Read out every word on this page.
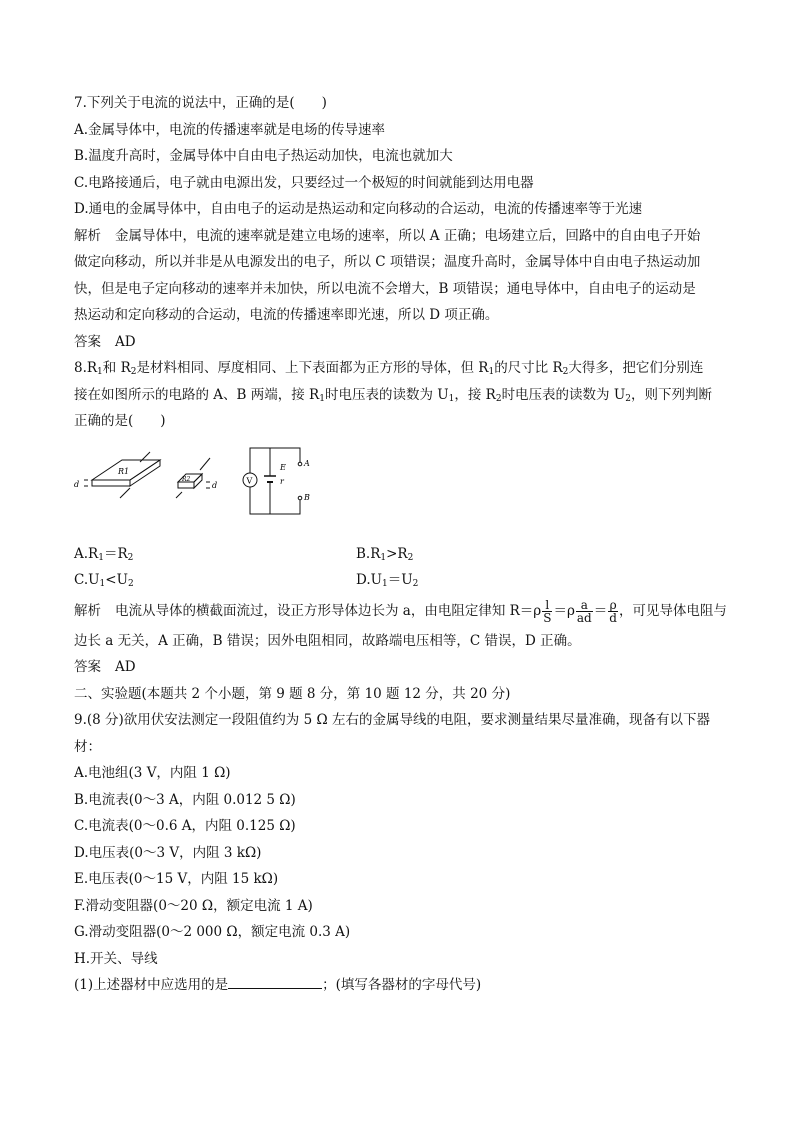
7.下列关于电流的说法中，正确的是(　　)
A.金属导体中，电流的传播速率就是电场的传导速率
B.温度升高时，金属导体中自由电子热运动加快，电流也就加大
C.电路接通后，电子就由电源出发，只要经过一个极短的时间就能到达用电器
D.通电的金属导体中，自由电子的运动是热运动和定向移动的合运动，电流的传播速率等于光速
解析 金属导体中，电流的速率就是建立电场的速率，所以 A 正确；电场建立后，回路中的自由电子开始
做定向移动，所以并非是从电源发出的电子，所以 C 项错误；温度升高时，金属导体中自由电子热运动加
快，但是电子定向移动的速率并未加快，所以电流不会增大，B 项错误；通电导体中，自由电子的运动是
热运动和定向移动的合运动，电流的传播速率即光速，所以 D 项正确。
答案 AD
$8.R_1$和 $R_2$是材料相同、厚度相同、上下表面都为正方形的导体，但 $R_1$的尺寸比 $R_2$大得多，把它们分别连
接在如图所示的电路的 A、B 两端，接 $R_1$时电压表的读数为 $U_1$，接 $R_2$时电压表的读数为 $U_2$，则下列判断
正确的是(　　)
$A.R_1=R_2$	$B.R_1>R_2$
$C.U_1<U_2$	$D.U_1=U_2$
解析 电流从导体的横截面流过，设正方形导体边长为 a，由电阻定律知 $R=\rho \frac{l}{S} =\rho \frac{a}{ad} = \frac{\rho}{d}$ ，可见导体电阻与
边长 a 无关，A 正确，B 错误；因外电阻相同，故路端电压相等，C 错误，D 正确。
答案 AD
二、实验题(本题共 2 个小题，第 9 题 8 分，第 10 题 12 分，共 20 分)
9.(8 分)欲用伏安法测定一段阻值约为 5 Ω 左右的金属导线的电阻，要求测量结果尽量准确，现备有以下器
材：
A.电池组(3 V，内阻 1 Ω)
B.电流表(0～3 A，内阻 0.012 5 Ω)
C.电流表(0～0.6 A，内阻 0.125 Ω)
D.电压表(0～3 V，内阻 3 kΩ)
E.电压表(0～15 V，内阻 15 kΩ)
F.滑动变阻器(0～20 Ω，额定电流 1 A)
G.滑动变阻器(0～2 000 Ω，额定电流 0.3 A)
H.开关、导线
(1)上述器材中应选用的是	；(填写各器材的字母代号)
R1
d
R2
d	V
E
r
A
B
